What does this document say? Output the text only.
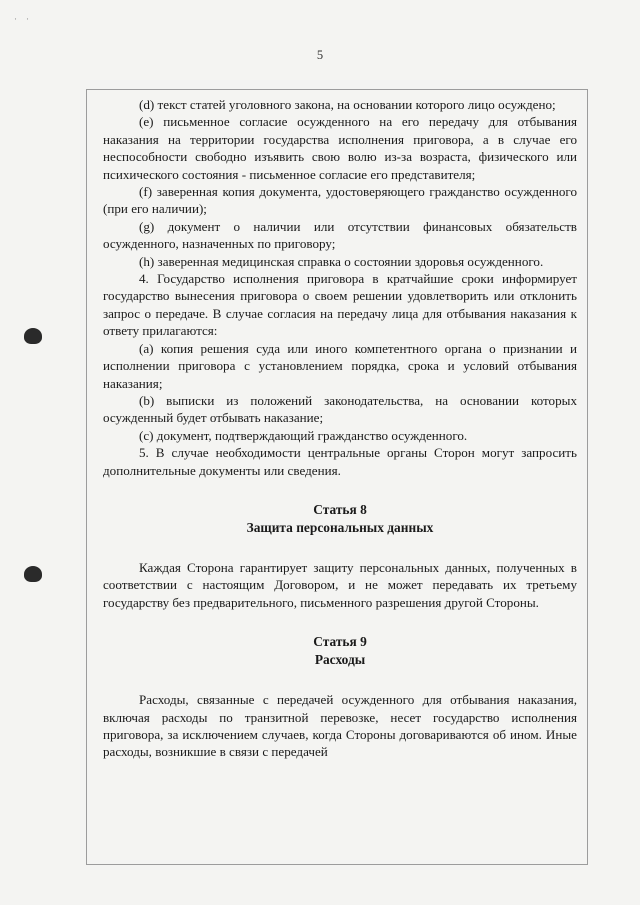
·    ·
5

(d) текст статей уголовного закона, на основании которого лицо осуждено;

(e) письменное согласие осужденного на его передачу для отбывания наказания на территории государства исполнения приговора, а в случае его неспособности свободно изъявить свою волю из-за возраста, физического или психического состояния - письменное согласие его представителя;

(f) заверенная копия документа, удостоверяющего гражданство осужденного (при его наличии);

(g) документ о наличии или отсутствии финансовых обязательств осужденного, назначенных по приговору;

(h) заверенная медицинская справка о состоянии здоровья осужденного.

4. Государство исполнения приговора в кратчайшие сроки информирует государство вынесения приговора о своем решении удовлетворить или отклонить запрос о передаче. В случае согласия на передачу лица для отбывания наказания к ответу прилагаются:

(a) копия решения суда или иного компетентного органа о признании и исполнении приговора с установлением порядка, срока и условий отбывания наказания;

(b) выписки из положений законодательства, на основании которых осужденный будет отбывать наказание;

(c) документ, подтверждающий гражданство осужденного.

5. В случае необходимости центральные органы Сторон могут запросить дополнительные документы или сведения.

Статья 8
Защита персональных данных

Каждая Сторона гарантирует защиту персональных данных, полученных в соответствии с настоящим Договором, и не может передавать их третьему государству без предварительного, письменного разрешения другой Стороны.

Статья 9
Расходы

Расходы, связанные с передачей осужденного для отбывания наказания, включая расходы по транзитной перевозке, несет государство исполнения приговора, за исключением случаев, когда Стороны договариваются об ином. Иные расходы, возникшие в связи с передачей
